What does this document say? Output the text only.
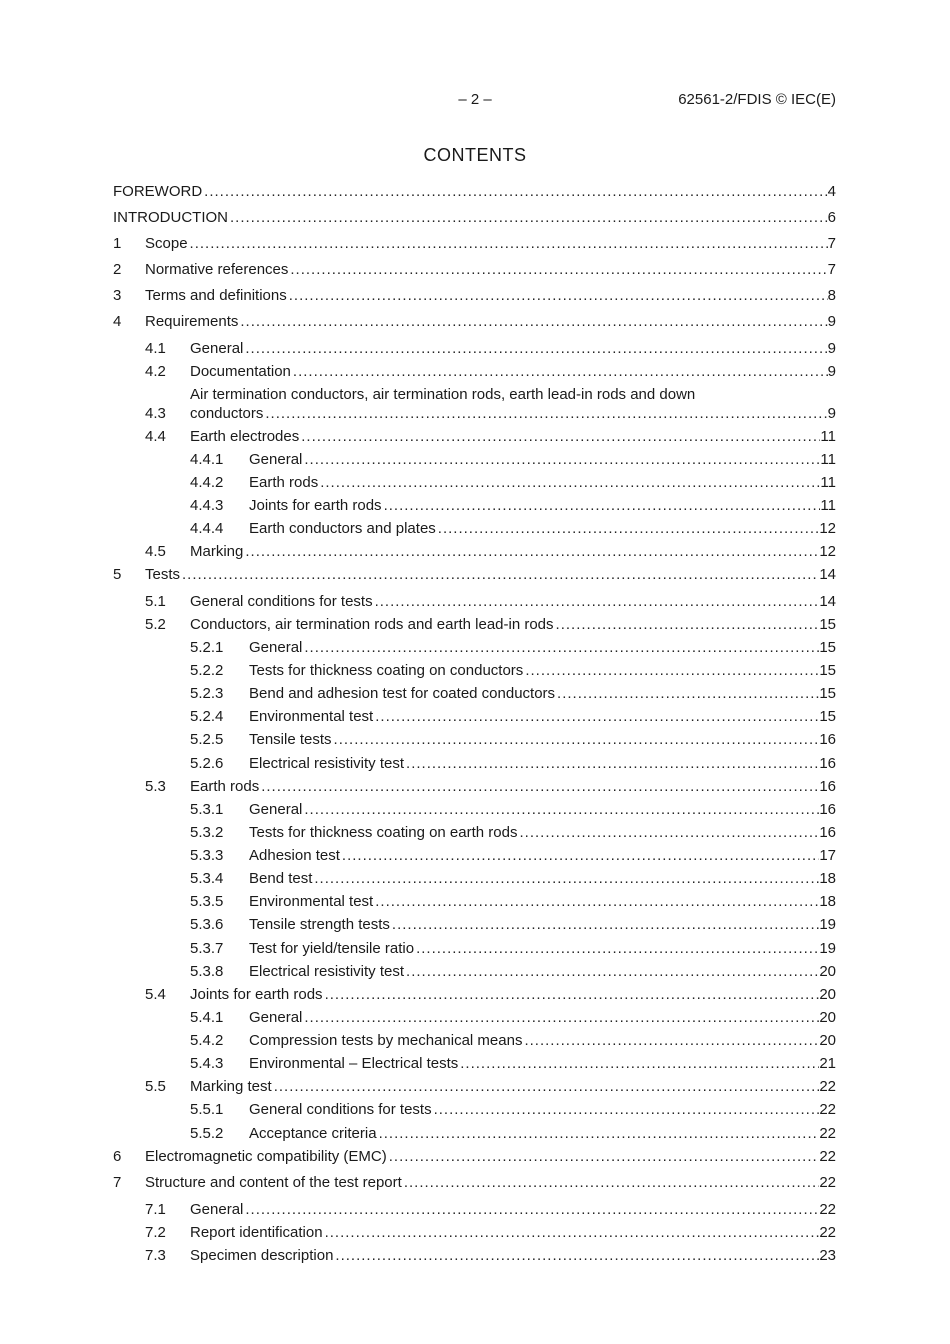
– 2 –	62561-2/FDIS © IEC(E)
CONTENTS
FOREWORD .....	4
INTRODUCTION .....	6
1 Scope .....	7
2 Normative references .....	7
3 Terms and definitions .....	8
4 Requirements .....	9
4.1 General .....	9
4.2 Documentation .....	9
Air termination conductors, air termination rods, earth lead-in rods and down
4.3 conductors .....	9
4.4 Earth electrodes .....	11
4.4.1 General .....	11
4.4.2 Earth rods .....	11
4.4.3 Joints for earth rods .....	11
4.4.4 Earth conductors and plates .....	12
4.5 Marking .....	12
5 Tests .....	14
5.1 General conditions for tests .....	14
5.2 Conductors, air termination rods and earth lead-in rods .....	15
5.2.1 General .....	15
5.2.2 Tests for thickness coating on conductors .....	15
5.2.3 Bend and adhesion test for coated conductors .....	15
5.2.4 Environmental test .....	15
5.2.5 Tensile tests .....	16
5.2.6 Electrical resistivity test .....	16
5.3 Earth rods .....	16
5.3.1 General .....	16
5.3.2 Tests for thickness coating on earth rods .....	16
5.3.3 Adhesion test .....	17
5.3.4 Bend test .....	18
5.3.5 Environmental test .....	18
5.3.6 Tensile strength tests .....	19
5.3.7 Test for yield/tensile ratio .....	19
5.3.8 Electrical resistivity test .....	20
5.4 Joints for earth rods .....	20
5.4.1 General .....	20
5.4.2 Compression tests by mechanical means .....	20
5.4.3 Environmental – Electrical tests .....	21
5.5 Marking test .....	22
5.5.1 General conditions for tests .....	22
5.5.2 Acceptance criteria .....	22
6 Electromagnetic compatibility (EMC) .....	22
7 Structure and content of the test report .....	22
7.1 General .....	22
7.2 Report identification .....	22
7.3 Specimen description .....	23
